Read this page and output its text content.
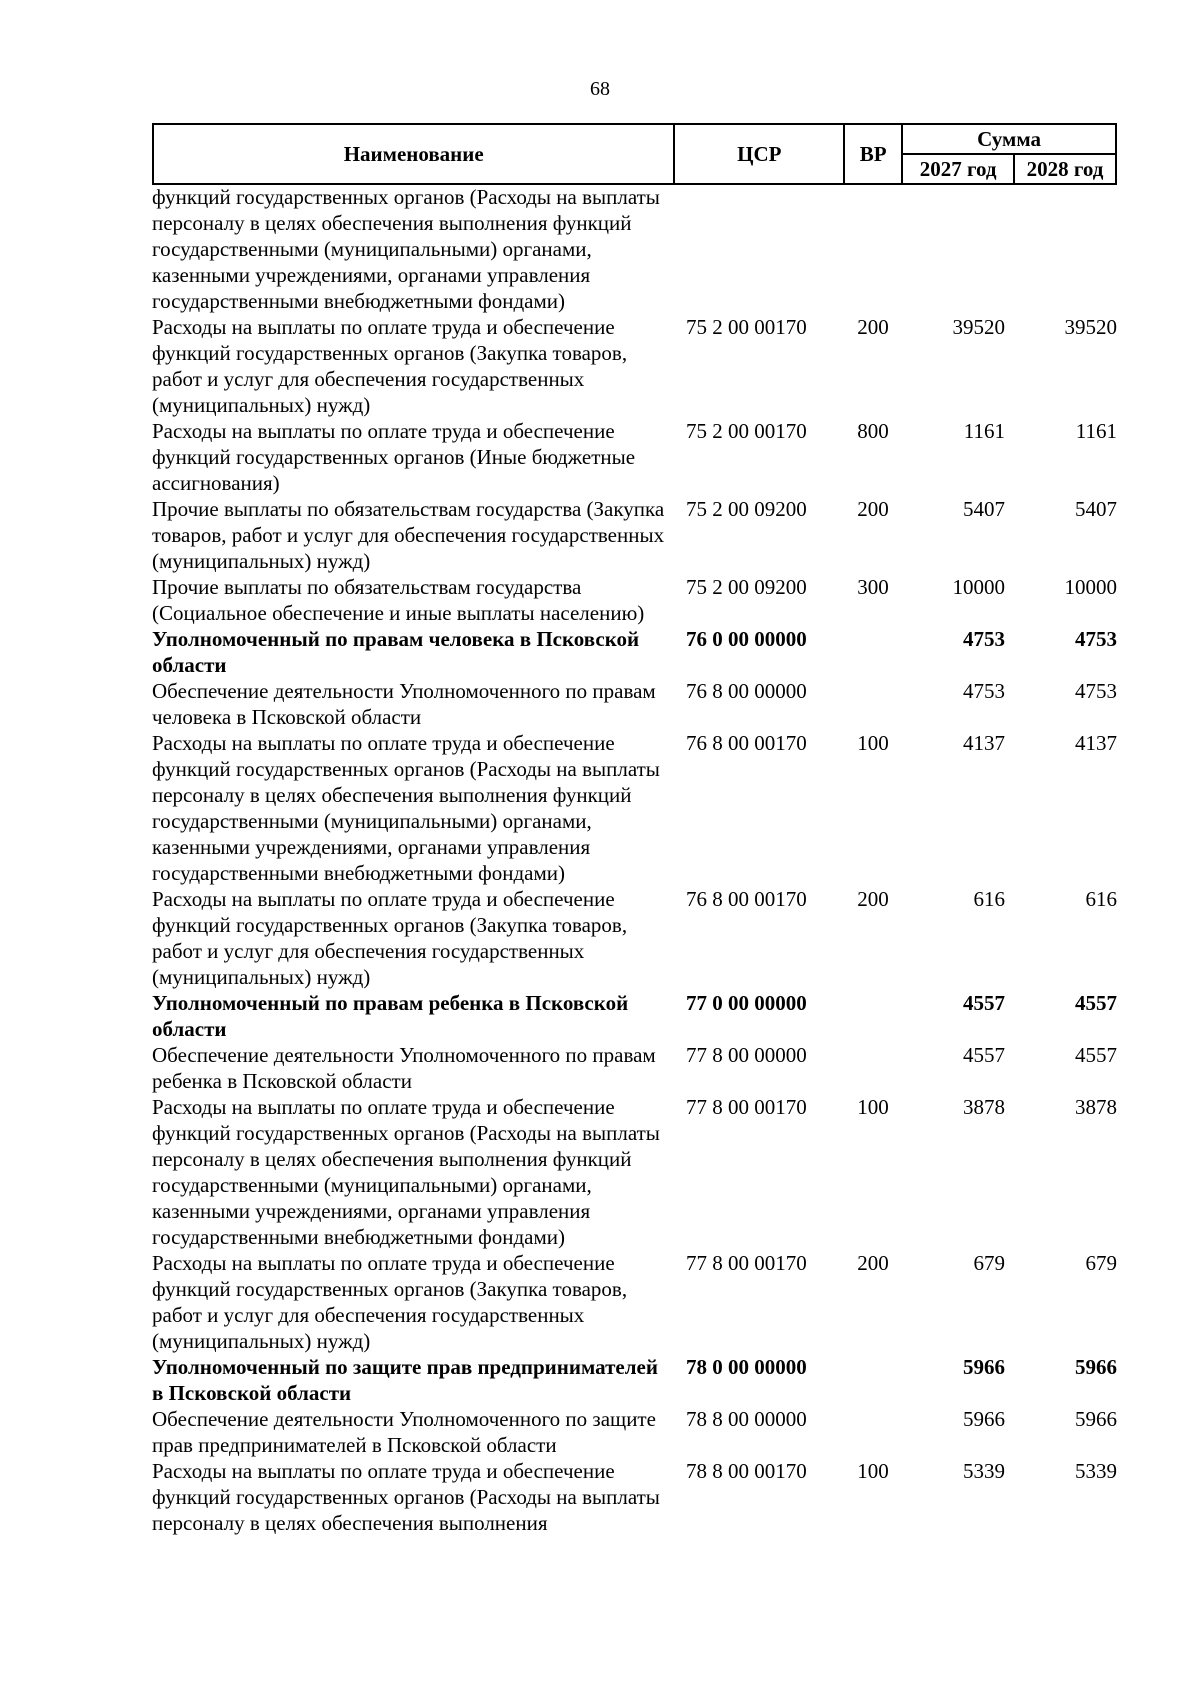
68
Наименование	ЦСР	ВР	Сумма	
			2027 год	2028 год
функций государственных органов (Расходы на выплаты персоналу в целях обеспечения выполнения функций государственными (муниципальными) органами, казенными учреждениями, органами управления государственными внебюджетными фондами)				
Расходы на выплаты по оплате труда и обеспечение функций государственных органов (Закупка товаров, работ и услуг для обеспечения государственных (муниципальных) нужд)	75 2 00 00170	200	39520	39520
Расходы на выплаты по оплате труда и обеспечение функций государственных органов (Иные бюджетные ассигнования)	75 2 00 00170	800	1161	1161
Прочие выплаты по обязательствам государства (Закупка товаров, работ и услуг для обеспечения государственных (муниципальных) нужд)	75 2 00 09200	200	5407	5407
Прочие выплаты по обязательствам государства (Социальное обеспечение и иные выплаты населению)	75 2 00 09200	300	10000	10000
Уполномоченный по правам человека в Псковской области	76 0 00 00000		4753	4753
Обеспечение деятельности Уполномоченного по правам человека в Псковской области	76 8 00 00000		4753	4753
Расходы на выплаты по оплате труда и обеспечение функций государственных органов (Расходы на выплаты персоналу в целях обеспечения выполнения функций государственными (муниципальными) органами, казенными учреждениями, органами управления государственными внебюджетными фондами)	76 8 00 00170	100	4137	4137
Расходы на выплаты по оплате труда и обеспечение функций государственных органов (Закупка товаров, работ и услуг для обеспечения государственных (муниципальных) нужд)	76 8 00 00170	200	616	616
Уполномоченный по правам ребенка в Псковской области	77 0 00 00000		4557	4557
Обеспечение деятельности Уполномоченного по правам ребенка в Псковской области	77 8 00 00000		4557	4557
Расходы на выплаты по оплате труда и обеспечение функций государственных органов (Расходы на выплаты персоналу в целях обеспечения выполнения функций государственными (муниципальными) органами, казенными учреждениями, органами управления государственными внебюджетными фондами)	77 8 00 00170	100	3878	3878
Расходы на выплаты по оплате труда и обеспечение функций государственных органов (Закупка товаров, работ и услуг для обеспечения государственных (муниципальных) нужд)	77 8 00 00170	200	679	679
Уполномоченный по защите прав предпринимателей в Псковской области	78 0 00 00000		5966	5966
Обеспечение деятельности Уполномоченного по защите прав предпринимателей в Псковской области	78 8 00 00000		5966	5966
Расходы на выплаты по оплате труда и обеспечение функций государственных органов (Расходы на выплаты персоналу в целях обеспечения выполнения	78 8 00 00170	100	5339	5339
